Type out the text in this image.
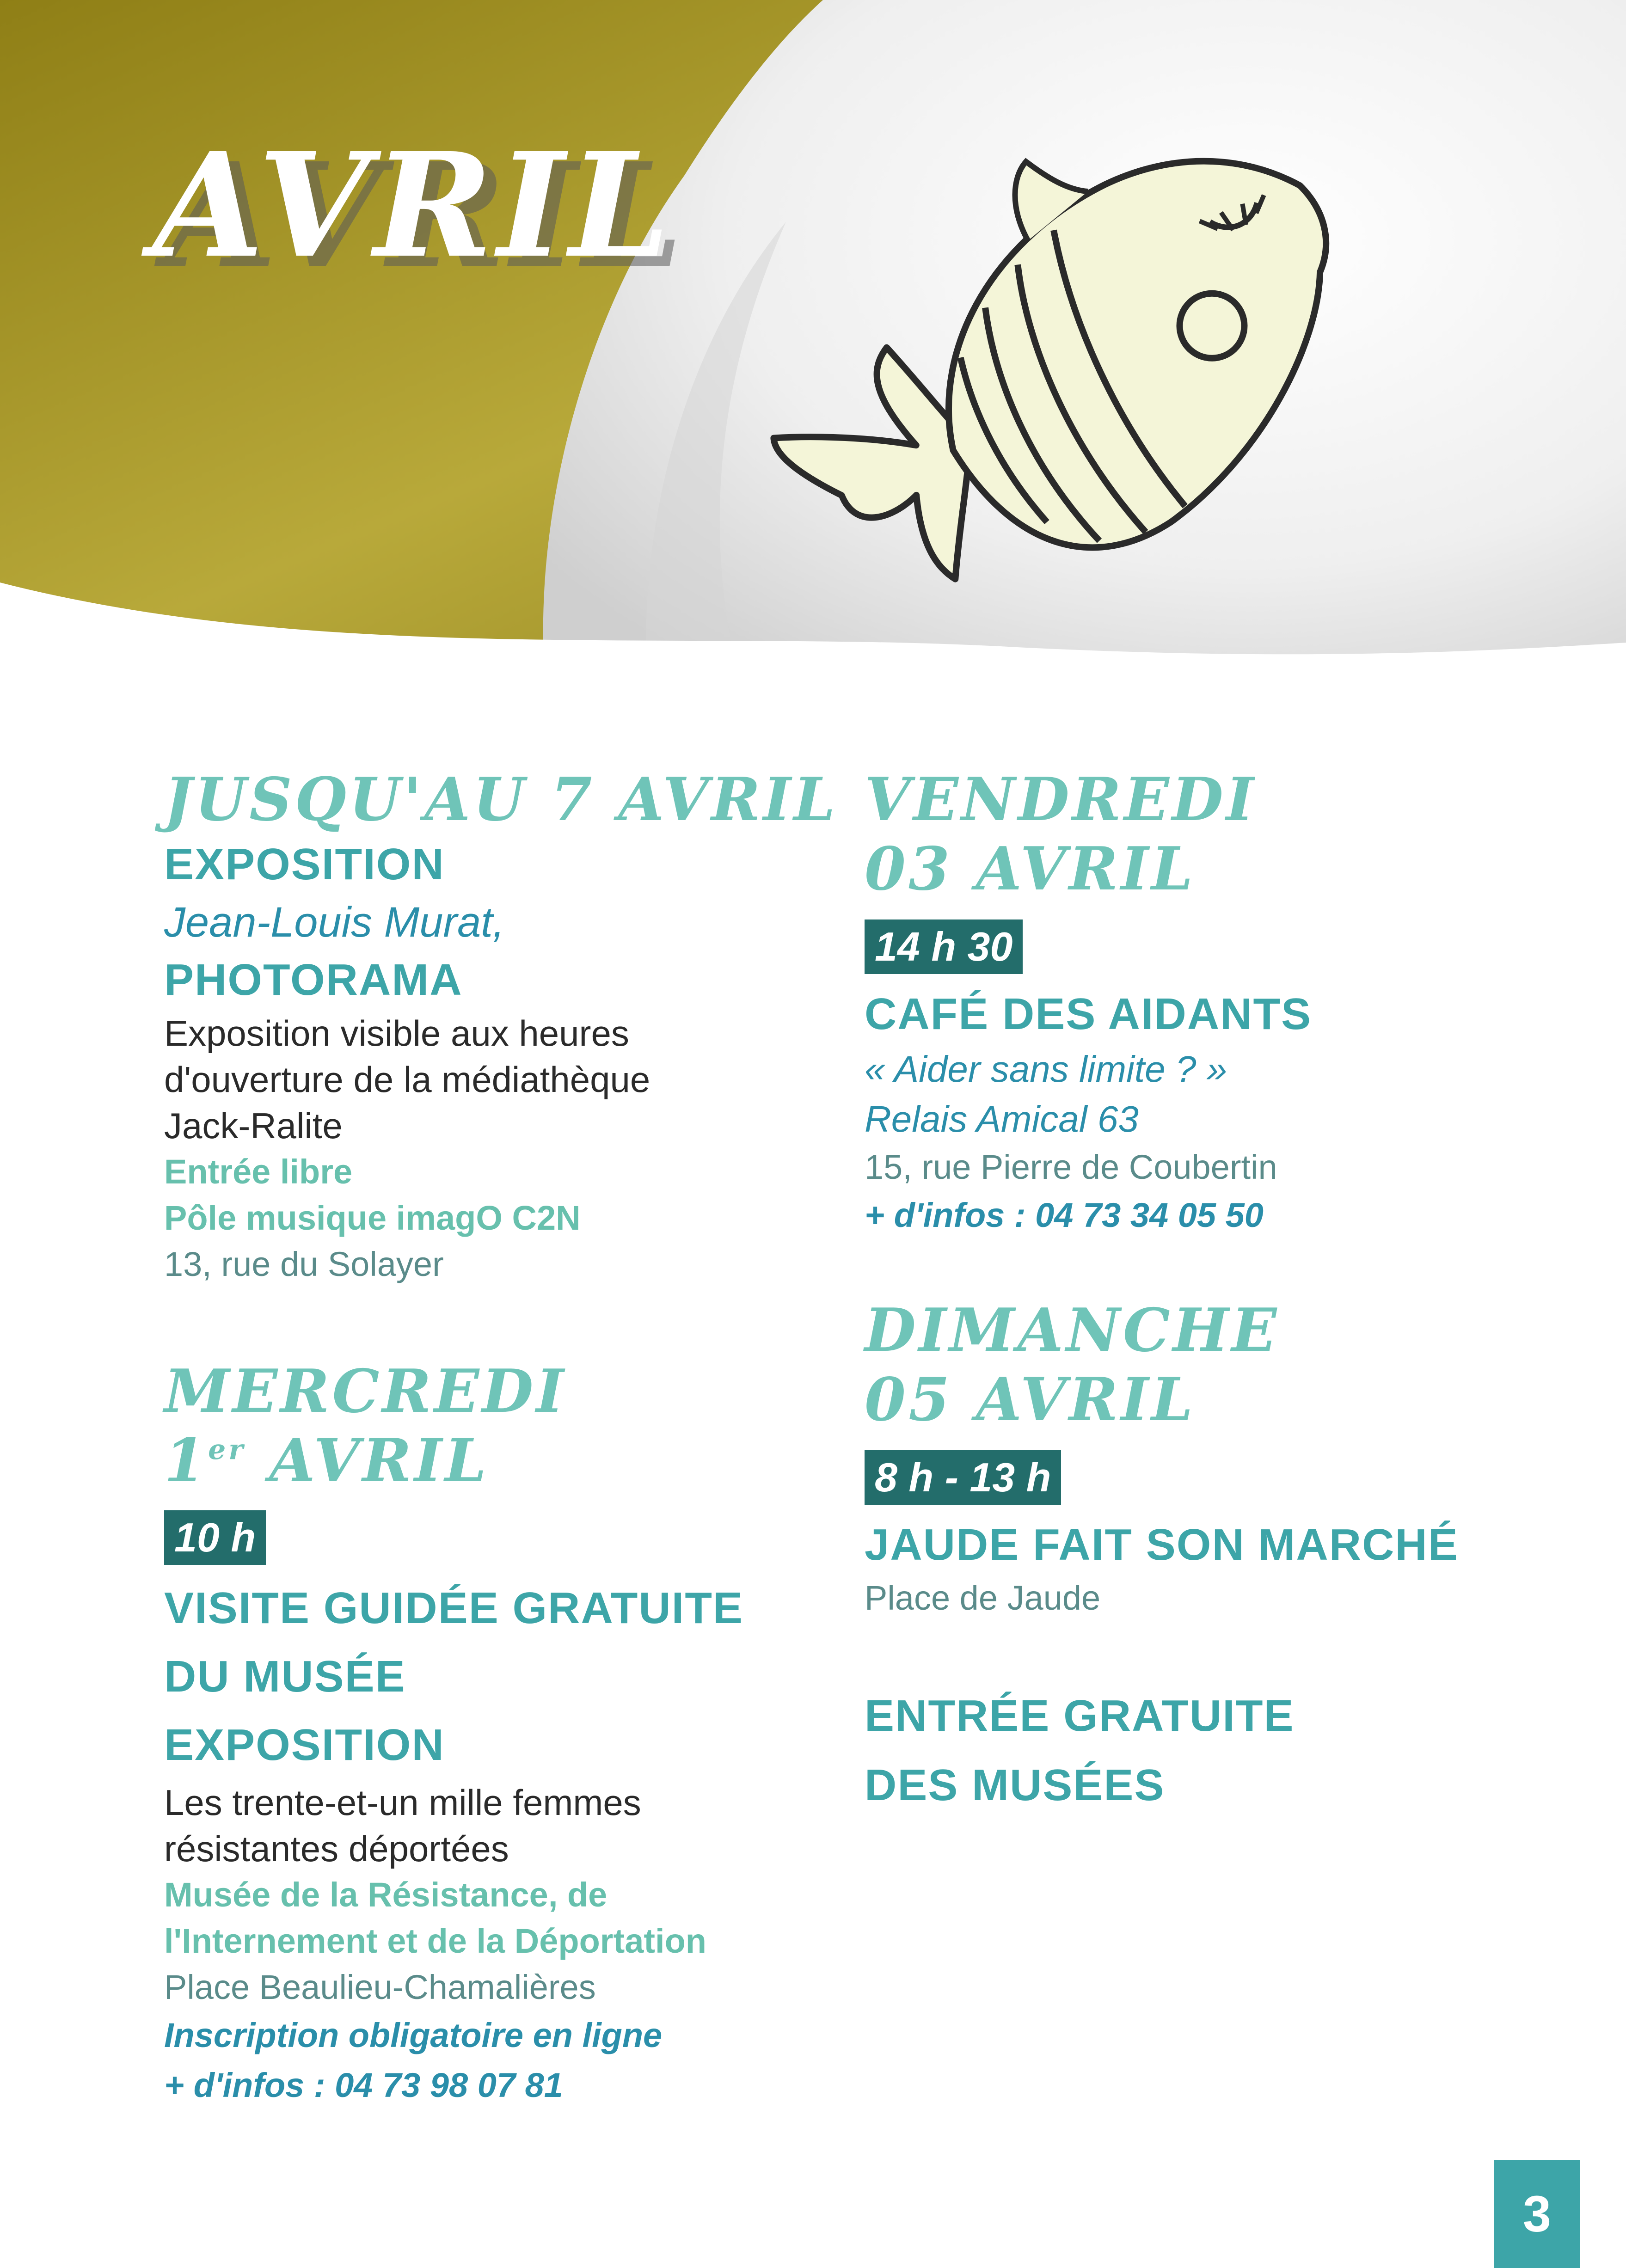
AVRIL
JUSQU'AU 7 AVRIL
EXPOSITION
Jean-Louis Murat,
PHOTORAMA
Exposition visible aux heures
d'ouverture de la médiathèque
Jack-Ralite
Entrée libre
Pôle musique imagO C2N
13, rue du Solayer
MERCREDI
1er AVRIL
10 h
VISITE GUIDÉE GRATUITE
DU MUSÉE
EXPOSITION
Les trente-et-un mille femmes
résistantes déportées
Musée de la Résistance, de
l'Internement et de la Déportation
Place Beaulieu-Chamalières
Inscription obligatoire en ligne
+ d'infos : 04 73 98 07 81
VENDREDI
03 AVRIL
14 h 30
CAFÉ DES AIDANTS
« Aider sans limite ? »
Relais Amical 63
15, rue Pierre de Coubertin
+ d'infos : 04 73 34 05 50
DIMANCHE
05 AVRIL
8 h - 13 h
JAUDE FAIT SON MARCHÉ
Place de Jaude
ENTRÉE GRATUITE
DES MUSÉES
3
